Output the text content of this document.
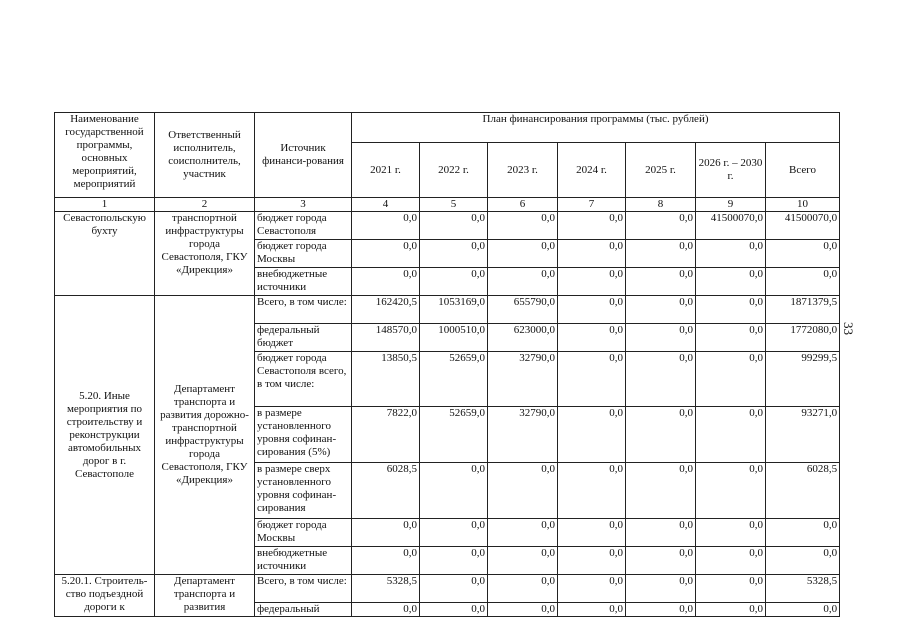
33
Наименование государственной программы, основных мероприятий, мероприятий	Ответственный исполнитель, соисполнитель, участник	Источник финанси-рования	План финансирования программы (тыс. рублей)						
			2021 г.	2022 г.	2023 г.	2024 г.	2025 г.	2026 г. – 2030 г.	Всего
1	2	3	4	5	6	7	8	9	10
Севастопольскую бухту	транспортной инфраструктуры города Севастополя, ГКУ «Дирекция»	бюджет города Севастополя	0,0	0,0	0,0	0,0	0,0	41500070,0	41500070,0
		бюджет города Москвы	0,0	0,0	0,0	0,0	0,0	0,0	0,0
		внебюджетные источники	0,0	0,0	0,0	0,0	0,0	0,0	0,0
5.20. Иные мероприятия по строительству и реконструкции автомобильных дорог в г. Севастополе	Департамент транспорта и развития дорожно-транспортной инфраструктуры города Севастополя, ГКУ «Дирекция»	Всего, в том числе:	162420,5	1053169,0	655790,0	0,0	0,0	0,0	1871379,5
		федеральный бюджет	148570,0	1000510,0	623000,0	0,0	0,0	0,0	1772080,0
		бюджет города Севастополя всего, в том числе:	13850,5	52659,0	32790,0	0,0	0,0	0,0	99299,5
		в размере установленного уровня софинан-сирования (5%)	7822,0	52659,0	32790,0	0,0	0,0	0,0	93271,0
		в размере сверх установленного уровня софинан-сирования	6028,5	0,0	0,0	0,0	0,0	0,0	6028,5
		бюджет города Москвы	0,0	0,0	0,0	0,0	0,0	0,0	0,0
		внебюджетные источники	0,0	0,0	0,0	0,0	0,0	0,0	0,0
5.20.1. Строитель-ство подъездной дороги к	Департамент транспорта и развития	Всего, в том числе:	5328,5	0,0	0,0	0,0	0,0	0,0	5328,5
		федеральный	0,0	0,0	0,0	0,0	0,0	0,0	0,0
